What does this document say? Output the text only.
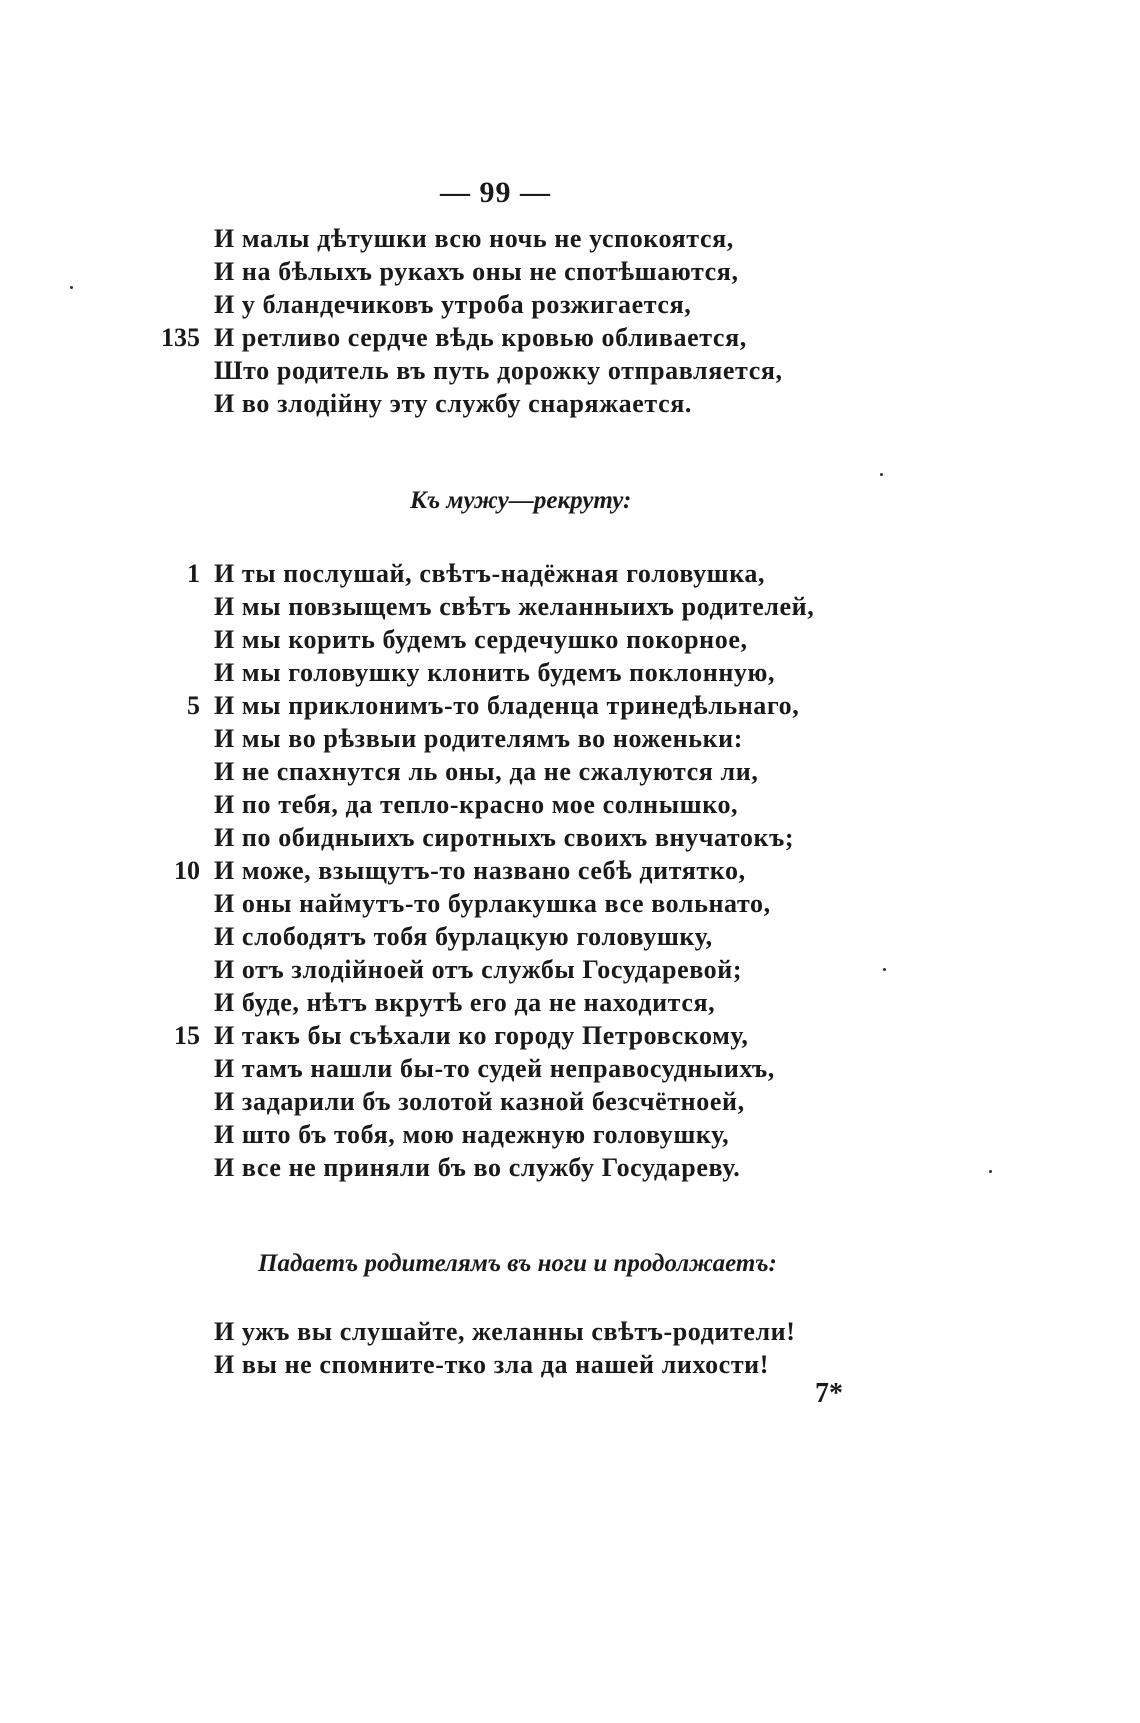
— 99 —
И малы дѣтушки всю ночь не успокоятся,
И на бѣлыхъ рукахъ оны не спотѣшаются,
И у бландечиковъ утроба розжигается,
135 И ретливо сердче вѣдь кровью обливается,
Што родитель въ путь дорожку отправляется,
И во злодійну эту службу снаряжается.
Къ мужу—рекруту:
1 И ты послушай, свѣтъ-надёжная головушка,
И мы повзыщемъ свѣтъ желанныихъ родителей,
И мы корить будемъ сердечушко покорное,
И мы головушку клонить будемъ поклонную,
5 И мы приклонимъ-то бладенца тринедѣльнаго,
И мы во рѣзвыи родителямъ во ноженьки:
И не спахнутся ль оны, да не сжалуются ли,
И по тебя, да тепло-красно мое солнышко,
И по обидныихъ сиротныхъ своихъ внучатокъ;
10 И може, взыщутъ-то названо себѣ дитятко,
И оны наймутъ-то бурлакушка все вольнато,
И слободятъ тобя бурлацкую головушку,
И отъ злодійноей отъ службы Государевой;
И буде, нѣтъ вкрутѣ его да не находится,
15 И такъ бы съѣхали ко городу Петровскому,
И тамъ нашли бы-то судей неправосудныихъ,
И задарили бъ золотой казной безсчётноей,
И што бъ тобя, мою надежную головушку,
И все не приняли бъ во службу Государеву.
Падаетъ родителямъ въ ноги и продолжаетъ:
И ужъ вы слушайте, желанны свѣтъ-родители!
И вы не спомните-тко зла да нашей лихости!
7*
